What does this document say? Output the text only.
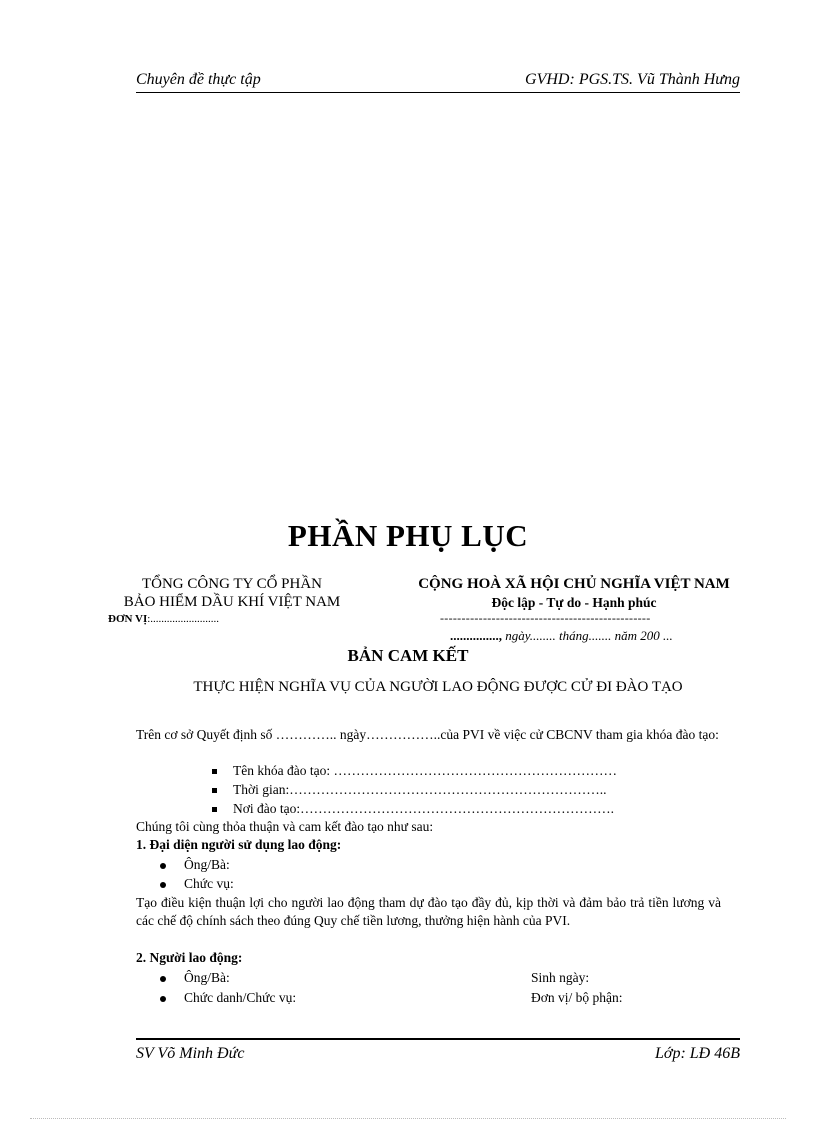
Chuyên đề thực tập	GVHD: PGS.TS. Vũ Thành Hưng
PHẦN PHỤ LỤC
TỔNG CÔNG TY CỔ PHẦN
BẢO HIỂM DẦU KHÍ VIỆT NAM
ĐƠN VỊ:.........................
CỘNG HOÀ XÃ HỘI CHỦ NGHĨA VIỆT NAM
Độc lập - Tự do - Hạnh phúc
-------------------------------------------------
..............., ngày........ tháng....... năm 200 ...
BẢN CAM KẾT
THỰC HIỆN NGHĨA VỤ CỦA NGƯỜI LAO ĐỘNG ĐƯỢC CỬ ĐI ĐÀO TẠO
Trên cơ sở Quyết định số ………….. ngày……………..của PVI về việc cử CBCNV tham gia khóa đào tạo:
Tên khóa đào tạo: ………………………………………………………
Thời gian:……………………………………………………………..
Nơi đào tạo:…………………………………………………………….
Chúng tôi cùng thỏa thuận và cam kết đào tạo như sau:
1. Đại diện người sử dụng lao động:
Ông/Bà:
Chức vụ:
Tạo điều kiện thuận lợi cho người lao động tham dự đào tạo đầy đủ, kịp thời và đảm bảo trả tiền lương và các chế độ chính sách theo đúng Quy chế tiền lương, thưởng hiện hành của PVI.
2. Người lao động:
Ông/Bà:	Sinh ngày:
Chức danh/Chức vụ:	Đơn vị/ bộ phận:
SV Võ Minh Đức	Lớp: LĐ 46B
